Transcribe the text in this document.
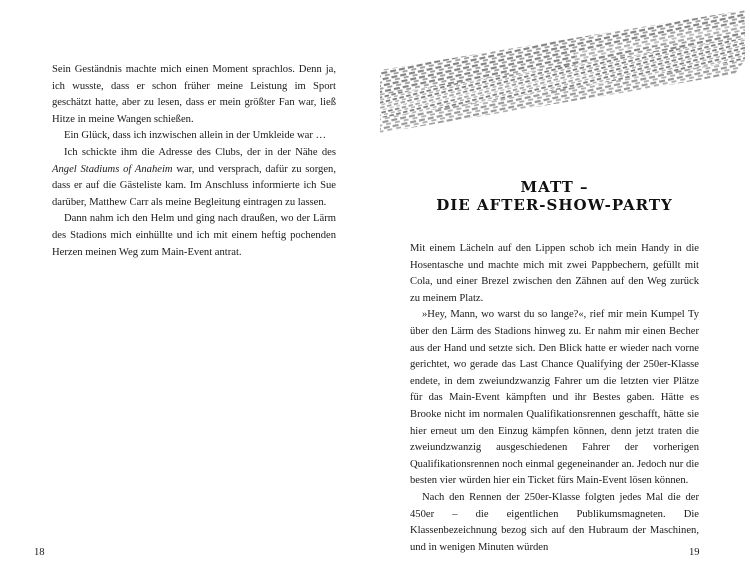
Sein Geständnis machte mich einen Moment sprachlos. Denn ja, ich wusste, dass er schon früher meine Leistung im Sport geschätzt hatte, aber zu lesen, dass er mein größter Fan war, ließ Hitze in meine Wangen schießen.

Ein Glück, dass ich inzwischen allein in der Umkleide war …

Ich schickte ihm die Adresse des Clubs, der in der Nähe des Angel Stadiums of Anaheim war, und versprach, dafür zu sorgen, dass er auf die Gästeliste kam. Im Anschluss informierte ich Sue darüber, Matthew Carr als meine Begleitung eintragen zu lassen.

Dann nahm ich den Helm und ging nach draußen, wo der Lärm des Stadions mich einhüllte und ich mit einem heftig pochenden Herzen meinen Weg zum Main-Event antrat.

18
MATT –
DIE AFTER-SHOW-PARTY

Mit einem Lächeln auf den Lippen schob ich mein Handy in die Hosentasche und machte mich mit zwei Pappbechern, gefüllt mit Cola, und einer Brezel zwischen den Zähnen auf den Weg zurück zu meinem Platz.

»Hey, Mann, wo warst du so lange?«, rief mir mein Kumpel Ty über den Lärm des Stadions hinweg zu. Er nahm mir einen Becher aus der Hand und setzte sich. Den Blick hatte er wieder nach vorne gerichtet, wo gerade das Last Chance Qualifying der 250er-Klasse endete, in dem zweiundzwanzig Fahrer um die letzten vier Plätze für das Main-Event kämpften und ihr Bestes gaben. Hätte es Brooke nicht im normalen Qualifikationsrennen geschafft, hätte sie hier erneut um den Einzug kämpfen können, denn jetzt traten die zweiundzwanzig ausgeschiedenen Fahrer der vorherigen Qualifikationsrennen noch einmal gegeneinander an. Jedoch nur die besten vier würden hier ein Ticket fürs Main-Event lösen können.

Nach den Rennen der 250er-Klasse folgten jedes Mal die der 450er – die eigentlichen Publikumsmagneten. Die Klassenbezeichnung bezog sich auf den Hubraum der Maschinen, und in wenigen Minuten würden	19
